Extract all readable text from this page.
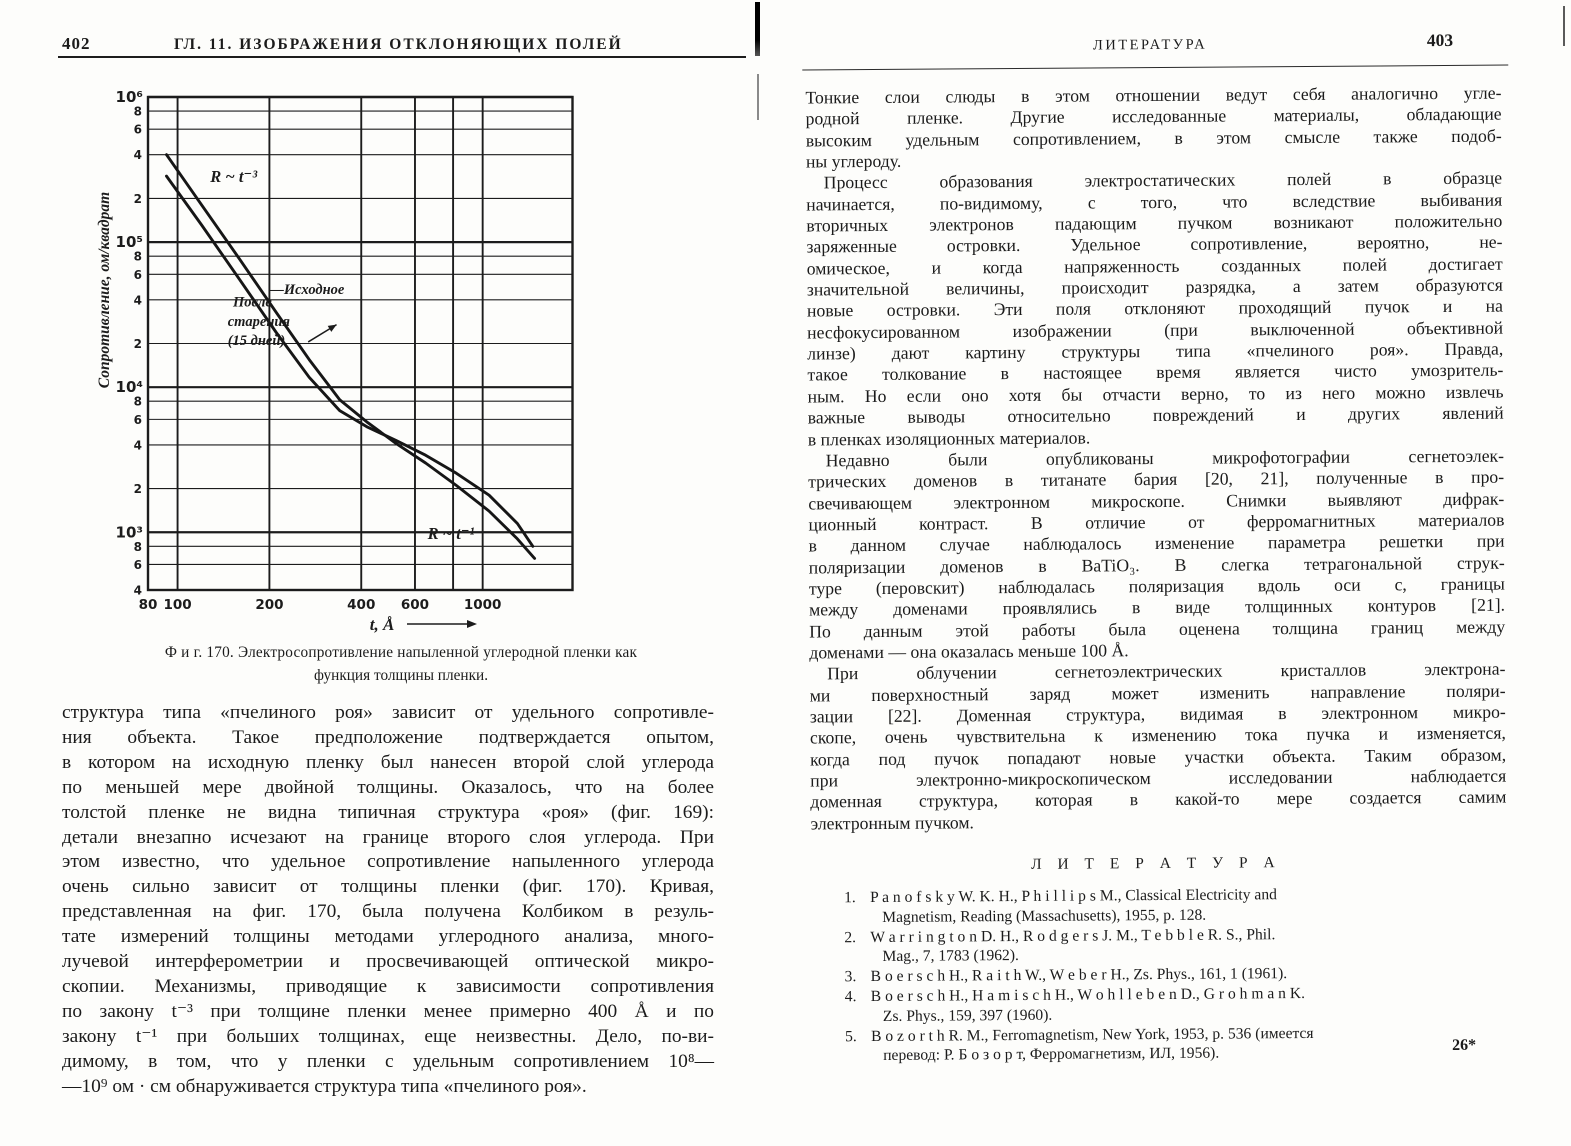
402	ГЛ. 11. ИЗОБРАЖЕНИЯ ОТКЛОНЯЮЩИХ ПОЛЕЙ
8
6
4
2
8
6
4
2
8
6
4
2
8
6
10⁶
10⁵
10⁴
10³
4
80 100	200	400 600	1000
Сопротивление, ом/квадрат
t, Å
R ~ t⁻³
—Исходное
После
старения
(15 дней)
R ~ t⁻¹
Ф и г. 170. Электросопротивление напыленной углеродной пленки как
функция толщины пленки.
структура типа «пчелиного роя» зависит от удельного сопротивле-
ния объекта. Такое предположение подтверждается опытом,
в котором на исходную пленку был нанесен второй слой углерода
по меньшей мере двойной толщины. Оказалось, что на более
толстой пленке не видна типичная структура «роя» (фиг. 169):
детали внезапно исчезают на границе второго слоя углерода. При
этом известно, что удельное сопротивление напыленного углерода
очень сильно зависит от толщины пленки (фиг. 170). Кривая,
представленная на фиг. 170, была получена Колбиком в резуль-
тате измерений толщины методами углеродного анализа, много-
лучевой интерферометрии и просвечивающей оптической микро-
скопии. Механизмы, приводящие к зависимости сопротивления
по закону t⁻³ при толщине пленки менее примерно 400 Å и по
закону t⁻¹ при больших толщинах, еще неизвестны. Дело, по-ви-
димому, в том, что у пленки с удельным сопротивлением 10⁸—
—10⁹ ом · см обнаруживается структура типа «пчелиного роя».
ЛИТЕРАТУРА	403
Тонкие слои слюды в этом отношении ведут себя аналогично угле-
родной пленке. Другие исследованные материалы, обладающие
высоким удельным сопротивлением, в этом смысле также подоб-
ны углероду.
 Процесс образования электростатических полей в образце
начинается, по-видимому, с того, что вследствие выбивания
вторичных электронов падающим пучком возникают положительно
заряженные островки. Удельное сопротивление, вероятно, не-
омическое, и когда напряженность созданных полей достигает
значительной величины, происходит разрядка, а затем образуются
новые островки. Эти поля отклоняют проходящий пучок и на
несфокусированном изображении (при выключенной объективной
линзе) дают картину структуры типа «пчелиного роя». Правда,
такое толкование в настоящее время является чисто умозритель-
ным. Но если оно хотя бы отчасти верно, то из него можно извлечь
важные выводы относительно повреждений и других явлений
в пленках изоляционных материалов.
 Недавно были опубликованы микрофотографии сегнетоэлек-
трических доменов в титанате бария [20, 21], полученные в про-
свечивающем электронном микроскопе. Снимки выявляют дифрак-
ционный контраст. В отличие от ферромагнитных материалов
в данном случае наблюдалось изменение параметра решетки при
поляризации доменов в BaTiO₃. В слегка тетрагональной струк-
туре (перовскит) наблюдалась поляризация вдоль оси c, границы
между доменами проявлялись в виде толщинных контуров [21].
По данным этой работы была оценена толщина границ между
доменами — она оказалась меньше 100 Å.
 При облучении сегнетоэлектрических кристаллов электрона-
ми поверхностный заряд может изменить направление поляри-
зации [22]. Доменная структура, видимая в электронном микро-
скопе, очень чувствительна к изменению тока пучка и изменяется,
когда под пучок попадают новые участки объекта. Таким образом,
при электронно-микроскопическом исследовании наблюдается
доменная структура, которая в какой-то мере создается самим
электронным пучком.
Л И Т Е Р А Т У Р А
1. P a n o f s k y W. K. H., P h i l l i p s M., Classical Electricity and
Magnetism, Reading (Massachusetts), 1955, p. 128.
2. W a r r i n g t o n D. H., R o d g e r s J. M., T e b b l e R. S., Phil.
Mag., 7, 1783 (1962).
3. B o e r s c h H., R a i t h W., W e b e r H., Zs. Phys., 161, 1 (1961).
4. B o e r s c h H., H a m i s c h H., W o h l l e b e n D., G r o h m a n K.
Zs. Phys., 159, 397 (1960).
5. B o z o r t h R. M., Ferromagnetism, New York, 1953, p. 536 (имеется
перевод: Р. Б о з о р т, Ферромагнетизм, ИЛ, 1956).	26*
